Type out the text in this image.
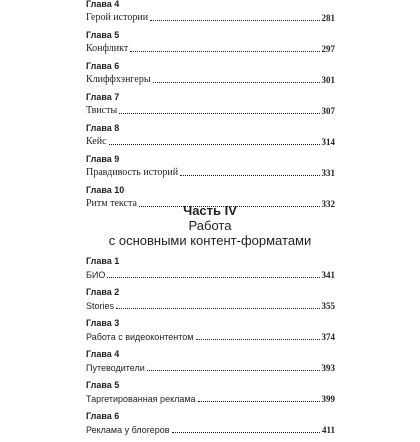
Глава 4
Герой истории	281
Глава 5
Конфликт	297
Глава 6
Клиффхэнгеры	301
Глава 7
Твисты	307
Глава 8
Кейс	314
Глава 9
Правдивость историй	331
Глава 10
Ритм текста	332
Часть IV
Работа
с основными контент-форматами
Глава 1
БИО	341
Глава 2
Stories	355
Глава 3
Работа с видеоконтентом	374
Глава 4
Путеводители	393
Глава 5
Таргетированная реклама	399
Глава 6
Реклама у блогеров	411
